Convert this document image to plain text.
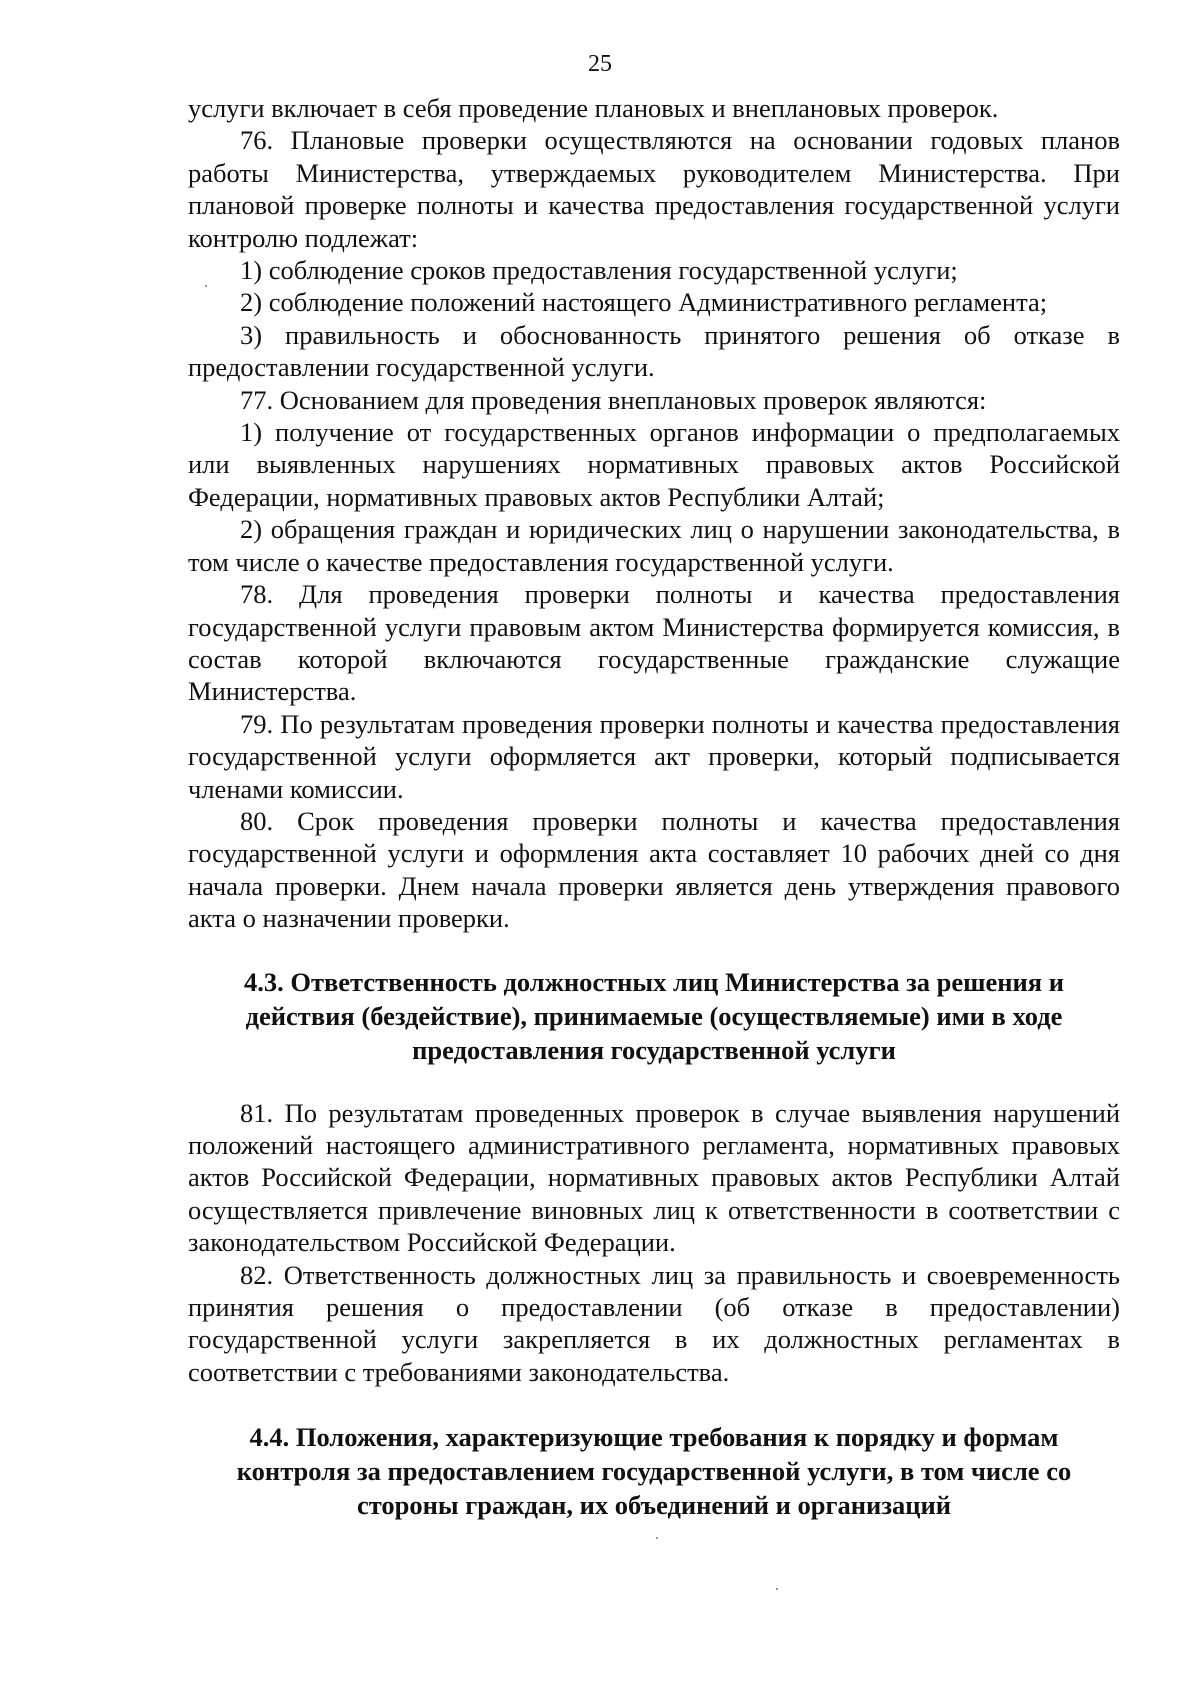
25

услуги включает в себя проведение плановых и внеплановых проверок.

76. Плановые проверки осуществляются на основании годовых планов работы Министерства, утверждаемых руководителем Министерства. При плановой проверке полноты и качества предоставления государственной услуги контролю подлежат:

1) соблюдение сроков предоставления государственной услуги;

2) соблюдение положений настоящего Административного регламента;

3) правильность и обоснованность принятого решения об отказе в предоставлении государственной услуги.

77. Основанием для проведения внеплановых проверок являются:

1) получение от государственных органов информации о предполагаемых или выявленных нарушениях нормативных правовых актов Российской Федерации, нормативных правовых актов Республики Алтай;

2) обращения граждан и юридических лиц о нарушении законодательства, в том числе о качестве предоставления государственной услуги.

78. Для проведения проверки полноты и качества предоставления государственной услуги правовым актом Министерства формируется комиссия, в состав которой включаются государственные гражданские служащие Министерства.

79. По результатам проведения проверки полноты и качества предоставления государственной услуги оформляется акт проверки, который подписывается членами комиссии.

80. Срок проведения проверки полноты и качества предоставления государственной услуги и оформления акта составляет 10 рабочих дней со дня начала проверки. Днем начала проверки является день утверждения правового акта о назначении проверки.

4.3. Ответственность должностных лиц Министерства за решения и действия (бездействие), принимаемые (осуществляемые) ими в ходе предоставления государственной услуги

81. По результатам проведенных проверок в случае выявления нарушений положений настоящего административного регламента, нормативных правовых актов Российской Федерации, нормативных правовых актов Республики Алтай осуществляется привлечение виновных лиц к ответственности в соответствии с законодательством Российской Федерации.

82. Ответственность должностных лиц за правильность и своевременность принятия решения о предоставлении (об отказе в предоставлении) государственной услуги закрепляется в их должностных регламентах в соответствии с требованиями законодательства.

4.4. Положения, характеризующие требования к порядку и формам контроля за предоставлением государственной услуги, в том числе со стороны граждан, их объединений и организаций
